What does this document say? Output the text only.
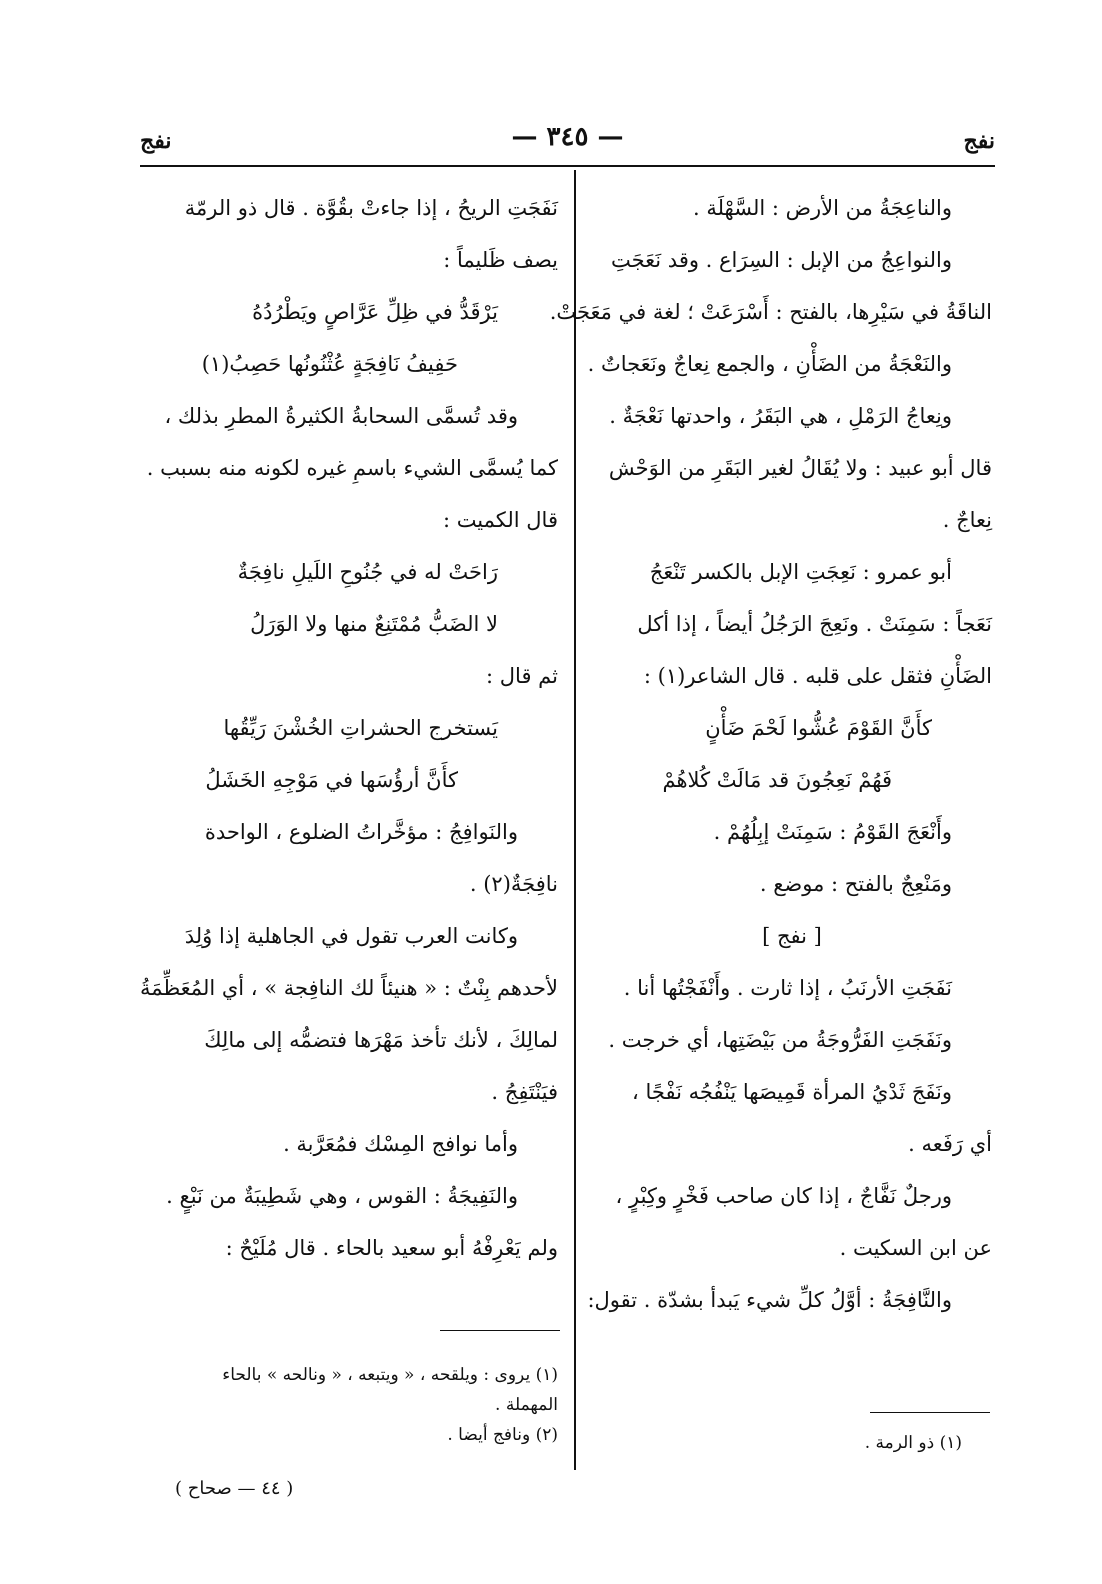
نفج
— ٣٤٥ —
نفج

والناعِجَةُ من الأرض : السَّهْلَة .

والنواعِجُ من الإبل : السِرَاع . وقد نَعَجَتِ

الناقَةُ في سَيْرِها، بالفتح : أَسْرَعَتْ ؛ لغة في مَعَجَتْ.

والنَعْجَةُ من الضَأْنِ ، والجمع نِعاجٌ ونَعَجاتٌ .

ونِعاجُ الرَمْلِ ، هي البَقَرُ ، واحدتها نَعْجَةٌ .

قال أبو عبيد : ولا يُقَالُ لغير البَقَرِ من الوَحْش

نِعاجٌ .

أبو عمرو : نَعِجَتِ الإبل بالكسر تَنْعَجُ

نَعَجاً : سَمِنَتْ . ونَعِجَ الرَجُلُ أيضاً ، إذا أكل

الضَأْنِ فثقل على قلبه . قال الشاعر(١) :

كأَنَّ القَوْمَ عُشُّوا لَحْمَ ضَأْنٍ

فَهُمْ نَعِجُونَ قد مَالَتْ كُلاهُمْ

وأَنْعَجَ القَوْمُ : سَمِنَتْ إبِلُهُمْ .

ومَنْعِجٌ بالفتح : موضع .

[ نفج ]

نَفَجَتِ الأرنَبُ ، إذا ثارت . وأَنْفَجْتُها أنا .

ونَفَجَتِ الفَرُّوجَةُ من بَيْضَتِها، أي خرجت .

ونَفَجَ ثَدْيُ المرأة قَمِيصَها يَنْفُجُه نَفْجًا ،

أي رَفَعه .

ورجلٌ نَفَّاجٌ ، إذا كان صاحب فَخْرٍ وكِبْرٍ ،

عن ابن السكيت .

والنَّافِجَةُ : أوَّلُ كلِّ شيء يَبدأ بشدّة . تقول:

نَفَجَتِ الريحُ ، إذا جاءتْ بقُوَّة . قال ذو الرمّة

يصف ظَليماً :

يَرْقَدُّ في ظِلِّ عَرَّاصٍ ويَطْرُدُهُ

حَفِيفُ نَافِجَةٍ عُثْنُونُها حَصِبُ(١)

وقد تُسمَّى السحابةُ الكثيرةُ المطرِ بذلك ،

كما يُسمَّى الشيء باسمِ غيره لكونه منه بسبب .

قال الكميت :

رَاحَتْ له في جُنُوحِ اللَيلِ نافِجَةٌ

لا الضَبُّ مُمْتَنِعٌ منها ولا الوَرَلُ

ثم قال :

يَستخرج الحشراتِ الخُشْنَ رَيِّقُها

كأَنَّ أرؤُسَها في مَوْجِهِ الخَشَلُ

والنَوافِجُ : مؤخَّراتُ الضلوع ، الواحدة

نافِجَةٌ(٢) .

وكانت العرب تقول في الجاهلية إذا وُلِدَ

لأحدهم بِنْتٌ : « هنيئاً لك النافِجة » ، أي المُعَظِّمَةُ

لمالِكَ ، لأنك تأخذ مَهْرَها فتضمُّه إلى مالِكَ

فيَنْتَفِجُ .

وأما نوافج المِسْك فمُعَرَّبة .

والنَفِيجَةُ : القوس ، وهي شَطِيبَةٌ من نَبْعٍ .

ولم يَعْرِفْهُ أبو سعيد بالحاء . قال مُلَيْحٌ :

(١) يروى : ويلقحه ، « ويتبعه ، « ونالحه » بالحاء

المهملة .

(٢) ونافج أيضا .	(١) ذو الرمة .

( ٤٤ — صحاح )
